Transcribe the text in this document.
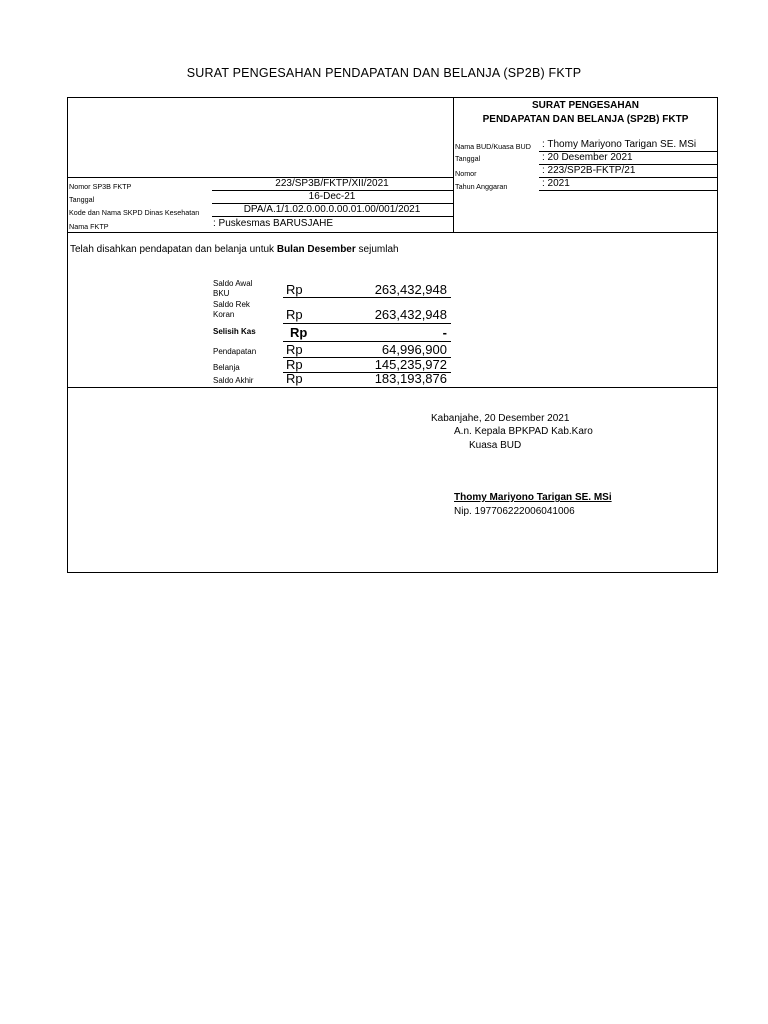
SURAT PENGESAHAN PENDAPATAN DAN BELANJA (SP2B) FKTP
SURAT PENGESAHAN
PENDAPATAN DAN BELANJA (SP2B) FKTP
Nama BUD/Kuasa BUD : Thomy Mariyono Tarigan SE. MSi
Tanggal	: 20 Desember 2021
Nomor	: 223/SP2B-FKTP/21
Tahun Anggaran	: 2021
Nomor SP3B FKTP	223/SP3B/FKTP/XII/2021
Tanggal	16-Dec-21
Kode dan Nama SKPD Dinas Kesehatan	DPA/A.1/1.02.0.00.0.00.01.00/001/2021
Nama FKTP	: Puskesmas BARUSJAHE
Telah disahkan pendapatan dan belanja untuk Bulan Desember sejumlah
Saldo Awal
BKU	Rp	263,432,948
Saldo Rek
Koran	Rp	263,432,948
Selisih Kas	Rp	-
Pendapatan Rp	64,996,900
Belanja	Rp	145,235,972
Saldo Akhir	Rp	183,193,876
Kabanjahe, 20 Desember 2021
A.n. Kepala BPKPAD Kab.Karo
Kuasa BUD
Thomy Mariyono Tarigan SE. MSi
Nip. 197706222006041006
